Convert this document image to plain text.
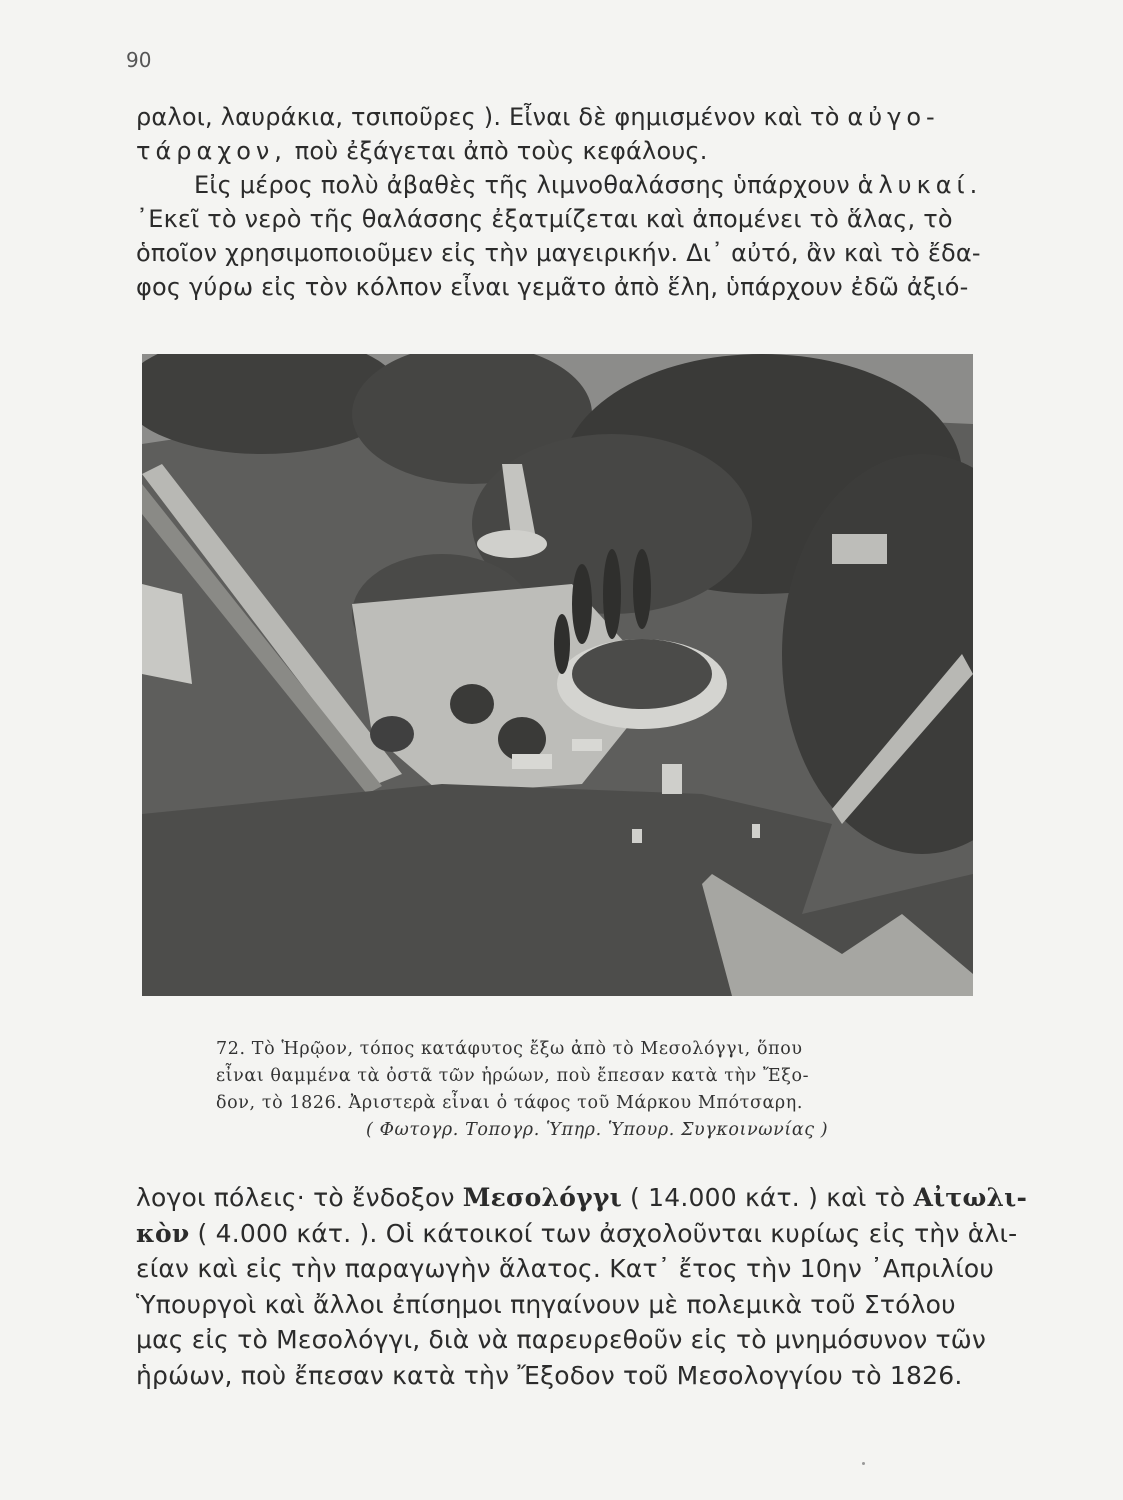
90

ραλοι, λαυράκια, τσιποῦρες ). Εἶναι δὲ φημισμένον καὶ τὸ αὐγο-

τάραχον, ποὺ ἐξάγεται ἀπὸ τοὺς κεφάλους.

Εἰς μέρος πολὺ ἀβαθὲς τῆς λιμνοθαλάσσης ὑπάρχουν ἁλυκαί.

᾿Εκεῖ τὸ νερὸ τῆς θαλάσσης ἐξατμίζεται καὶ ἀπομένει τὸ ἅλας, τὸ

ὁποῖον χρησιμοποιοῦμεν εἰς τὴν μαγειρικήν. Δι᾿ αὐτό, ἂν καὶ τὸ ἔδα-

φος γύρω εἰς τὸν κόλπον εἶναι γεμᾶτο ἀπὸ ἕλη, ὑπάρχουν ἐδῶ ἀξιό-

72. Τὸ Ἡρῷον, τόπος κατάφυτος ἔξω ἀπὸ τὸ Μεσολόγγι, ὅπου

εἶναι θαμμένα τὰ ὀστᾶ τῶν ἡρώων, ποὺ ἔπεσαν κατὰ τὴν Ἔξο-

δον, τὸ 1826. Ἀριστερὰ εἶναι ὁ τάφος τοῦ Μάρκου Μπότσαρη.

( Φωτογρ. Τοπογρ. Ὑπηρ. Ὑπουρ. Συγκοινωνίας )

λογοι πόλεις· τὸ ἔνδοξον Μεσολόγγι ( 14.000 κάτ. ) καὶ τὸ Αἰτωλι-

κὸν ( 4.000 κάτ. ). Οἱ κάτοικοί των ἀσχολοῦνται κυρίως εἰς τὴν ἁλι-

είαν καὶ εἰς τὴν παραγωγὴν ἅλατος. Κατ᾿ ἔτος τὴν 10ην ᾿Απριλίου

Ὑπουργοὶ καὶ ἄλλοι ἐπίσημοι πηγαίνουν μὲ πολεμικὰ τοῦ Στόλου

μας εἰς τὸ Μεσολόγγι, διὰ νὰ παρευρεθοῦν εἰς τὸ μνημόσυνον τῶν

ἡρώων, ποὺ ἔπεσαν κατὰ τὴν Ἔξοδον τοῦ Μεσολογγίου τὸ 1826.
